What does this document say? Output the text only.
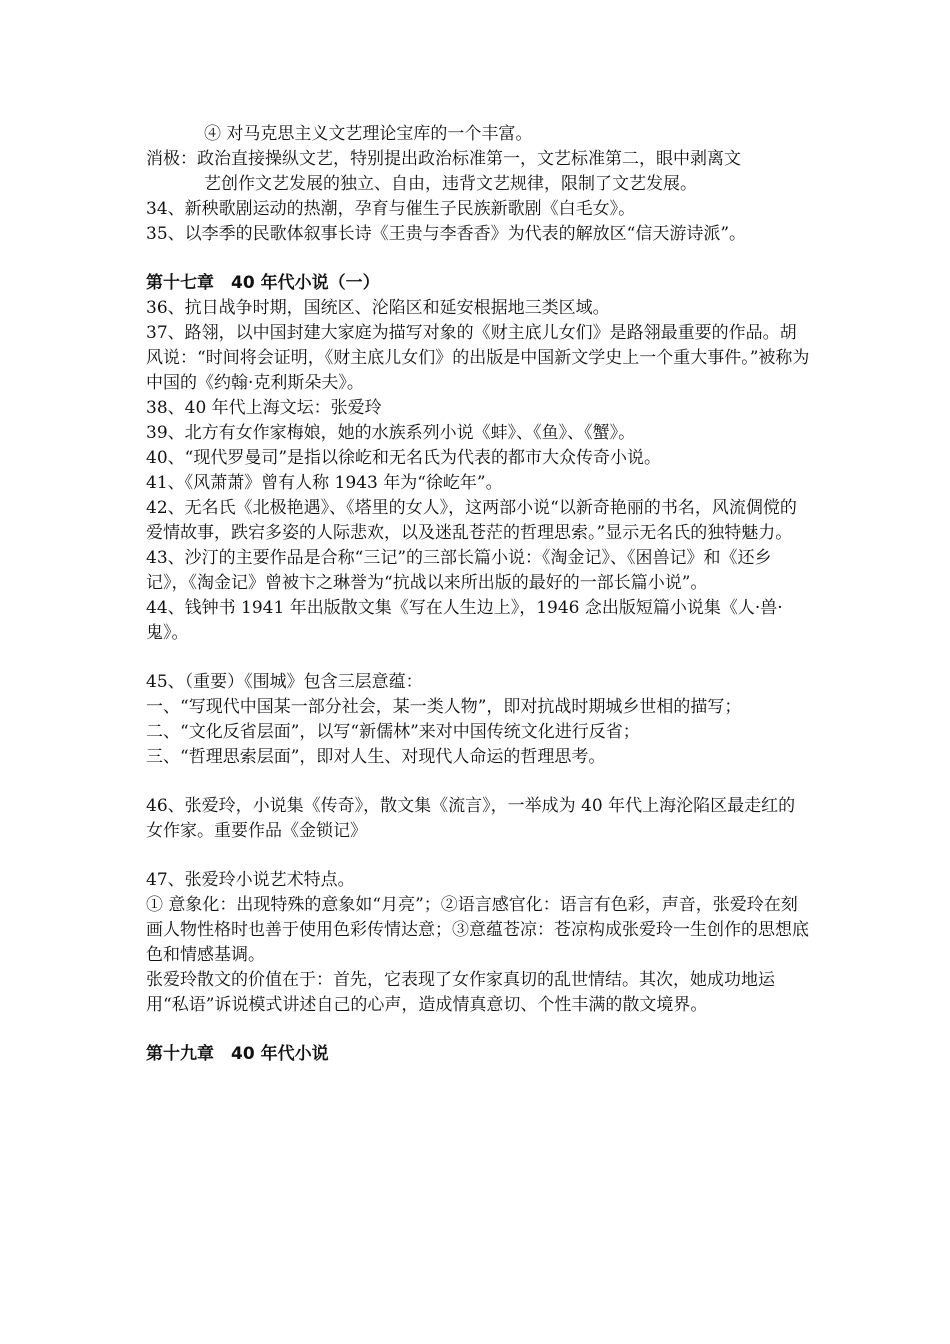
④ 对马克思主义文艺理论宝库的一个丰富。

消极：政治直接操纵文艺，特别提出政治标准第一，文艺标准第二，眼中剥离文

艺创作文艺发展的独立、自由，违背文艺规律，限制了文艺发展。

34、新秧歌剧运动的热潮，孕育与催生子民族新歌剧《白毛女》。

35、以李季的民歌体叙事长诗《王贵与李香香》为代表的解放区“信天游诗派”。

第十七章　40 年代小说（一）

36、抗日战争时期，国统区、沦陷区和延安根据地三类区域。

37、路翎，以中国封建大家庭为描写对象的《财主底儿女们》是路翎最重要的作品。胡风说：“时间将会证明，《财主底儿女们》的出版是中国新文学史上一个重大事件。”被称为中国的《约翰·克利斯朵夫》。

38、40 年代上海文坛：张爱玲

39、北方有女作家梅娘，她的水族系列小说《蚌》、《鱼》、《蟹》。

40、“现代罗曼司”是指以徐屹和无名氏为代表的都市大众传奇小说。

41、《风萧萧》曾有人称 1943 年为“徐屹年”。

42、无名氏《北极艳遇》、《塔里的女人》，这两部小说“以新奇艳丽的书名，风流倜傥的爱情故事，跌宕多姿的人际悲欢，以及迷乱苍茫的哲理思索。”显示无名氏的独特魅力。

43、沙汀的主要作品是合称“三记”的三部长篇小说：《淘金记》、《困兽记》和《还乡记》，《淘金记》曾被卞之琳誉为“抗战以来所出版的最好的一部长篇小说”。

44、钱钟书 1941 年出版散文集《写在人生边上》，1946 念出版短篇小说集《人·兽·鬼》。

45、（重要）《围城》包含三层意蕴：

一、“写现代中国某一部分社会，某一类人物”，即对抗战时期城乡世相的描写；

二、“文化反省层面”，以写“新儒林”来对中国传统文化进行反省；

三、“哲理思索层面”，即对人生、对现代人命运的哲理思考。

46、张爱玲，小说集《传奇》，散文集《流言》，一举成为 40 年代上海沦陷区最走红的女作家。重要作品《金锁记》

47、张爱玲小说艺术特点。

① 意象化：出现特殊的意象如“月亮”；②语言感官化：语言有色彩，声音，张爱玲在刻画人物性格时也善于使用色彩传情达意；③意蕴苍凉：苍凉构成张爱玲一生创作的思想底色和情感基调。

张爱玲散文的价值在于：首先，它表现了女作家真切的乱世情结。其次，她成功地运用“私语”诉说模式讲述自己的心声，造成情真意切、个性丰满的散文境界。

第十九章　40 年代小说
